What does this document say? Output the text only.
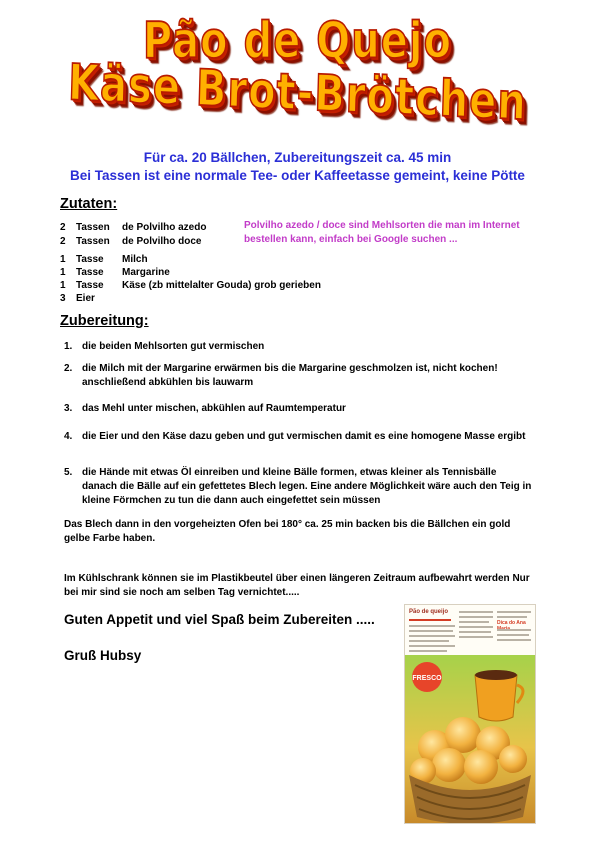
Pão de Quejo
Käse Brot-Brötchen
Für ca. 20 Bällchen, Zubereitungszeit ca. 45 min
Bei Tassen ist eine normale Tee- oder Kaffeetasse gemeint, keine Pötte
Zutaten:
2 Tassen de Polvilho azedo
2 Tassen de Polvilho doce
Polvilho azedo / doce sind Mehlsorten die man im Internet bestellen kann, einfach bei Google suchen ...
1 Tasse Milch
1 Tasse Margarine
1 Tasse Käse (zb mittelalter Gouda) grob gerieben
3 Eier
Zubereitung:
1. die beiden Mehlsorten gut vermischen
2. die Milch mit der Margarine erwärmen bis die Margarine geschmolzen ist, nicht kochen! anschließend abkühlen bis lauwarm
3. das Mehl unter mischen, abkühlen auf Raumtemperatur
4. die Eier und den Käse dazu geben und gut vermischen damit es eine homogene Masse ergibt
5. die Hände mit etwas Öl einreiben und kleine Bälle formen, etwas kleiner als Tennisbälle danach die Bälle auf ein gefettetes Blech legen. Eine andere Möglichkeit wäre auch den Teig in kleine Förmchen zu tun die dann auch eingefettet sein müssen
Das Blech dann in den vorgeheizten Ofen bei 180° ca. 25 min backen bis die Bällchen ein gold gelbe Farbe haben.
Im Kühlschrank können sie im Plastikbeutel über einen längeren Zeitraum aufbewahrt werden Nur bei mir sind sie noch am selben Tag vernichtet.....
Guten Appetit und viel Spaß beim Zubereiten .....
Gruß Hubsy
Pão de queijo
Dica do Ana
FRESCO
